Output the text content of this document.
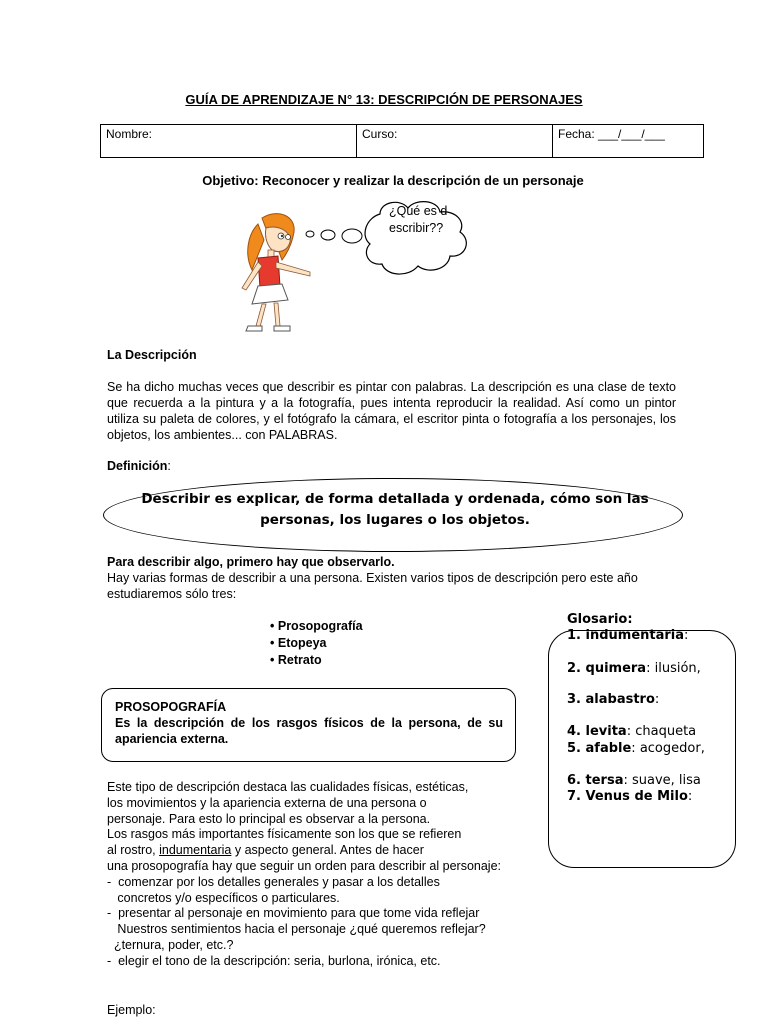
GUÍA DE APRENDIZAJE N° 13: DESCRIPCIÓN DE PERSONAJES
Nombre:	Curso:	Fecha: ___/___/___
Objetivo: Reconocer y realizar la descripción de un personaje
¿Qué es describir??
La Descripción
Se ha dicho muchas veces que describir es pintar con palabras. La descripción es una clase de texto que recuerda a la pintura y a la fotografía, pues intenta reproducir la realidad. Así como un pintor utiliza su paleta de colores, y el fotógrafo la cámara, el escritor pinta o fotografía a los personajes, los objetos, los ambientes... con PALABRAS.
Definición:
Describir es explicar, de forma detallada y ordenada, cómo son las personas, los lugares o los objetos.
Para describir algo, primero hay que observarlo.
Hay varias formas de describir a una persona. Existen varios tipos de descripción pero este año estudiaremos sólo tres:
• Prosopografía
• Etopeya
• Retrato
PROSOPOGRAFÍA
Es la descripción de los rasgos físicos de la persona, de su apariencia externa.
Glosario:
1. indumentaria:
2. quimera: ilusión,
3. alabastro:
4. levita: chaqueta
5. afable: acogedor,
6. tersa: suave, lisa
7. Venus de Milo:
Este tipo de descripción destaca las cualidades físicas, estéticas,
los movimientos y la apariencia externa de una persona o
personaje. Para esto lo principal es observar a la persona.
Los rasgos más importantes físicamente son los que se refieren
al rostro, indumentaria y aspecto general. Antes de hacer
una prosopografía hay que seguir un orden para describir al personaje:
-  comenzar por los detalles generales y pasar a los detalles
concretos y/o específicos o particulares.
-  presentar al personaje en movimiento para que tome vida reflejar
Nuestros sentimientos hacia el personaje ¿qué queremos reflejar?
¿ternura, poder, etc.?
-  elegir el tono de la descripción: seria, burlona, irónica, etc.
Ejemplo:
